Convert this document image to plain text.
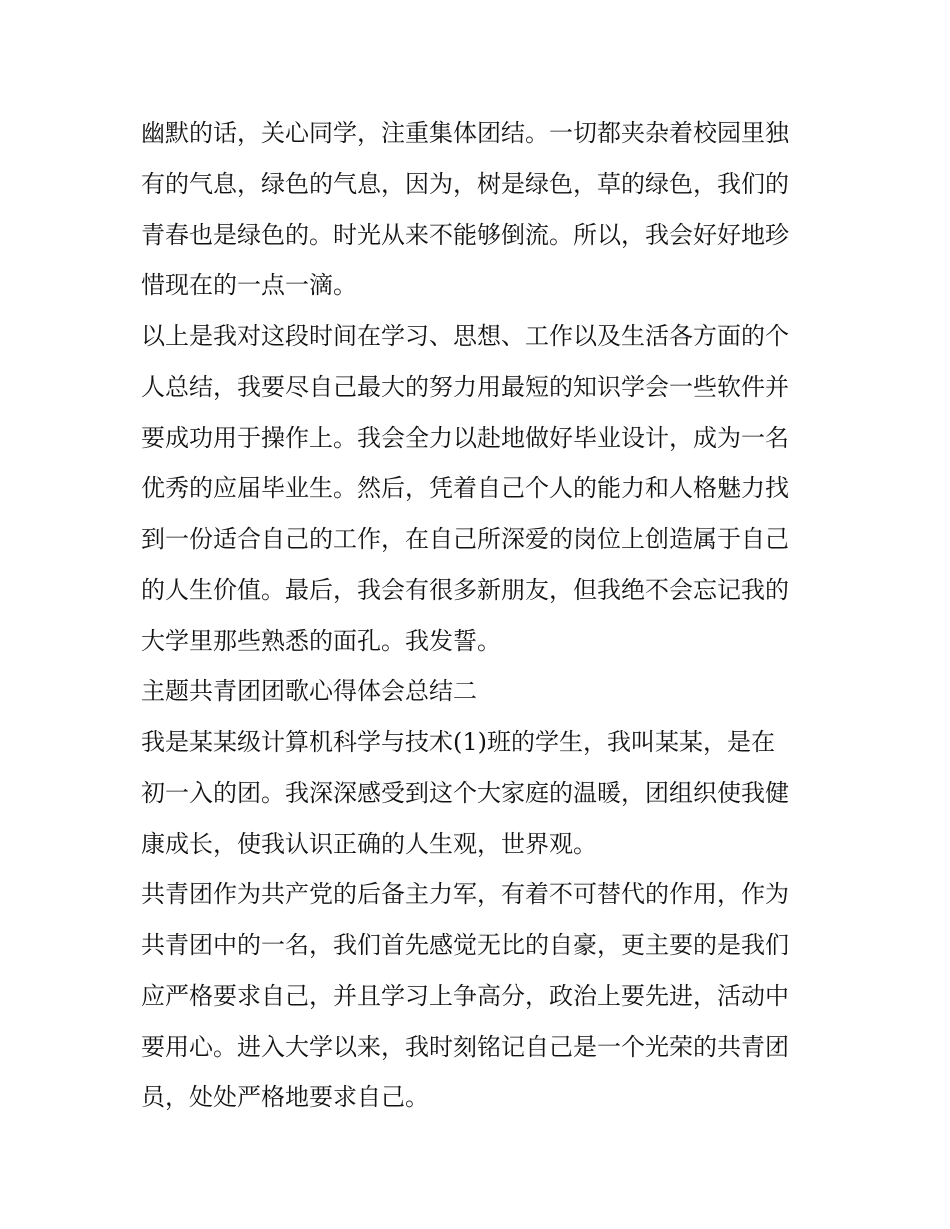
幽默的话，关心同学，注重集体团结。一切都夹杂着校园里独
有的气息，绿色的气息，因为，树是绿色，草的绿色，我们的
青春也是绿色的。时光从来不能够倒流。所以，我会好好地珍
惜现在的一点一滴。
以上是我对这段时间在学习、思想、工作以及生活各方面的个
人总结，我要尽自己最大的努力用最短的知识学会一些软件并
要成功用于操作上。我会全力以赴地做好毕业设计，成为一名
优秀的应届毕业生。然后，凭着自己个人的能力和人格魅力找
到一份适合自己的工作，在自己所深爱的岗位上创造属于自己
的人生价值。最后，我会有很多新朋友，但我绝不会忘记我的
大学里那些熟悉的面孔。我发誓。
主题共青团团歌心得体会总结二
我是某某级计算机科学与技术(1)班的学生，我叫某某，是在
初一入的团。我深深感受到这个大家庭的温暖，团组织使我健
康成长，使我认识正确的人生观，世界观。
共青团作为共产党的后备主力军，有着不可替代的作用，作为
共青团中的一名，我们首先感觉无比的自豪，更主要的是我们
应严格要求自己，并且学习上争高分，政治上要先进，活动中
要用心。进入大学以来，我时刻铭记自己是一个光荣的共青团
员，处处严格地要求自己。
